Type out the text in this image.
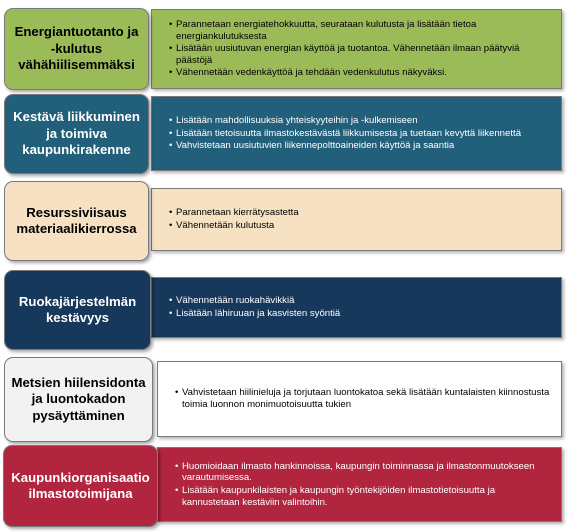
• Parannetaan energiatehokkuutta, seurataan kulutusta ja lisätään tietoa energiankulutuksesta
• Lisätään uusiutuvan energian käyttöä ja tuotantoa. Vähennetään ilmaan päätyviä päästöjä
• Vähennetään vedenkäyttöä ja tehdään vedenkulutus näkyväksi.
Energiantuotanto ja -kulutus vähähiilisemmäksi
• Lisätään mahdollisuuksia yhteiskyyteihin ja -kulkemiseen
• Lisätään tietoisuutta ilmastokestävästä liikkumisesta ja tuetaan kevyttä liikennettä
• Vahvistetaan uusiutuvien liikennepolttoaineiden käyttöä ja saantia
Kestävä liikkuminen ja toimiva kaupunkirakenne
• Parannetaan kierrätysastetta
• Vähennetään kulutusta
Resurssiviisaus materiaalikierrossa
• Vähennetään ruokahävikkiä
• Lisätään lähiruuan ja kasvisten syöntiä
Ruokajärjestelmän kestävyys
• Vahvistetaan hiilinieluja ja torjutaan luontokatoa sekä lisätään kuntalaisten kiinnostusta toimia luonnon monimuotoisuutta tukien
Metsien hiilensidonta ja luontokadon pysäyttäminen
• Huomioidaan ilmasto hankinnoissa, kaupungin toiminnassa ja ilmastonmuutokseen varautumisessa.
• Lisätään kaupunkilaisten ja kaupungin työntekijöiden ilmastotietoisuutta ja kannustetaan kestäviin valintoihin.
Kaupunkiorganisaatio ilmastotoimijana
